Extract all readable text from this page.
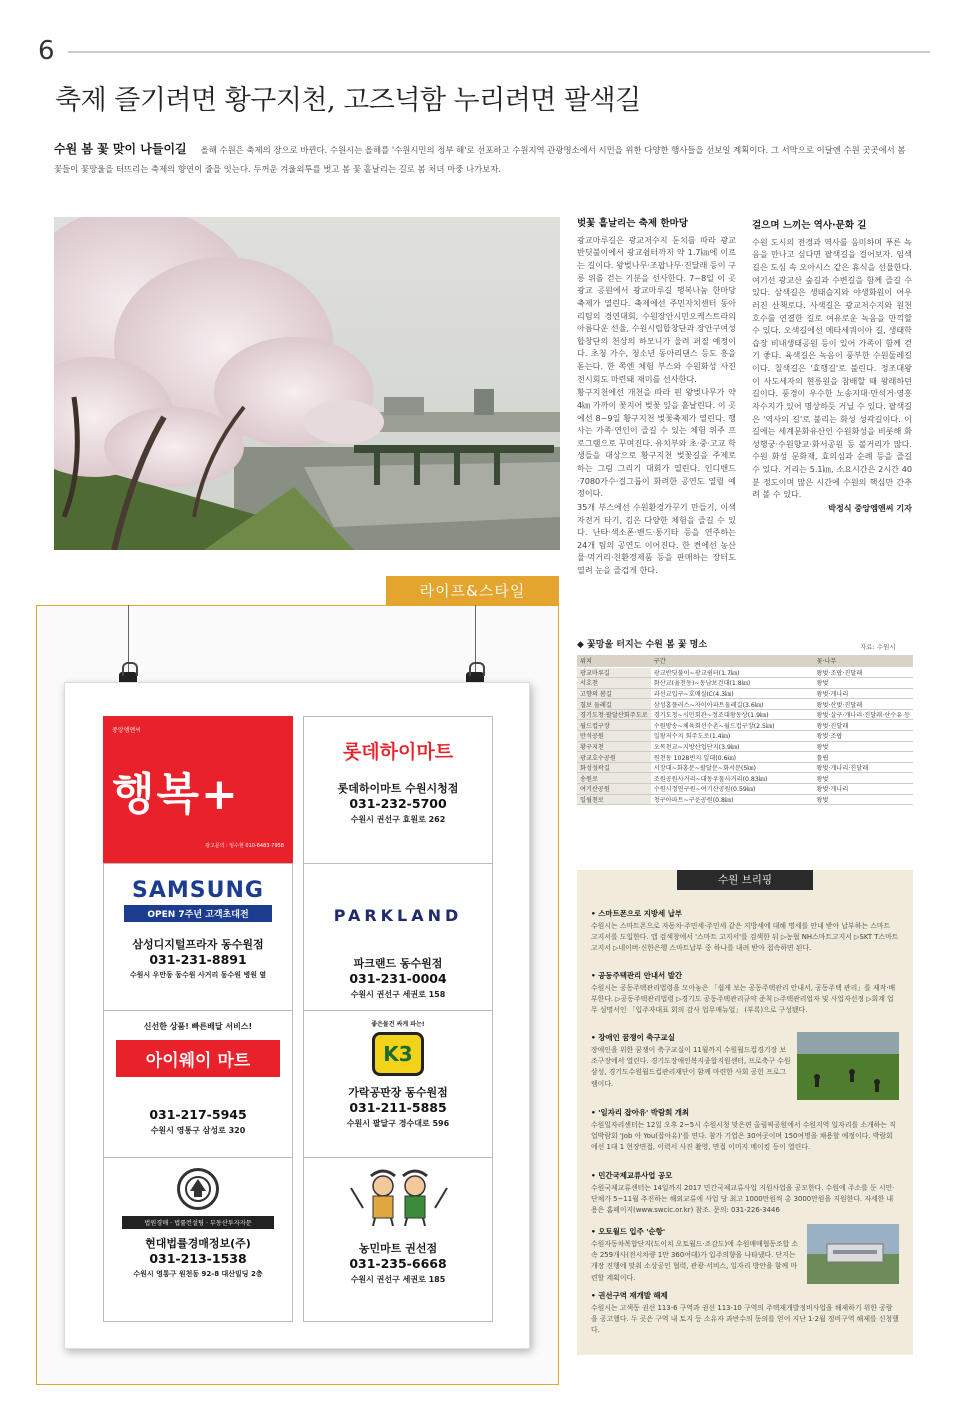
6
축제 즐기려면 황구지천, 고즈넉함 누리려면 팔색길
수원 봄 꽃 맞이 나들이길 올해 수원은 축제의 장으로 바뀐다. 수원시는 올해를 '수원시민의 정부 해'로 선포하고 수원지역 관광명소에서 시민을 위한 다양한 행사들을 선보일 계획이다. 그 서막으로 이달엔 수원 곳곳에서 봄 꽃들이 꽃망울을 터뜨리는 축제의 향연이 줄을 잇는다. 두꺼운 겨울외투를 벗고 봄 꽃 흩날리는 길로 봄 처녀 마중 나가보자.
벚꽃 흩날리는 축제 한마당

광교마루길은 광교저수지 둔치를 따라 광교 반딧불이에서 광교쉼터까지 약 1.7㎞에 이르는 길이다. 왕벚나무·조팝나무·진달래 등이 구릉 위를 걷는 기분을 선사한다. 7~8일 이 곳 광교 공원에서 광교마루길 행복나눔 한마당 축제가 열린다. 축제에선 주민자치센터 동아리팀의 경연대회, 수원장안시민오케스트라의 아름다운 선율, 수원시립합창단과 장안구여성합창단의 천상의 하모니가 울려 퍼질 예정이다. 초청 가수, 청소년 동아리댄스 등도 흥을 돋는다. 한 쪽엔 체험 부스와 수원화성 사진 전시회도 마련돼 재미를 선사한다.

황구지천에선 개천을 따라 핀 왕벚나무가 약 4㎞ 가까이 꽃지어 벚꽃 잎을 흩날린다. 이 곳에선 8~9일 황구지천 벚꽃축제가 열린다. 행사는 가족·연인이 즐길 수 있는 체험 위주 프로그램으로 꾸며진다. 유치부와 초·중·고교 학생들을 대상으로 황구지천 벚꽃길을 주제로 하는 그림 그리기 대회가 열린다. 인디밴드·7080가수·걸그룹이 화려한 공연도 열릴 예정이다.

35개 부스에선 수원환경가꾸기 만들기, 이색자전거 타기, 김은 다양한 체험을 즐길 수 있다. 난타·색소폰·밴드·통기타 등을 연주하는 24개 팀의 공연도 이어진다. 한 켠에선 농산물·먹거리·친환경제품 등을 판매하는 장터도 열려 눈을 즐겁게 한다.

걸으며 느끼는 역사·문화 길

수원 도시의 전경과 역사를 음미하며 푸른 녹음을 만나고 싶다면 팔색길을 걸어보자. 임색길은 도심 속 오아시스 같은 휴식을 선물한다. 여기선 광교산 숲길과 수변길을 함께 즐길 수 있다. 삼색길은 생태습지와 야생화원이 어우러진 산책로다. 사색길은 광교저수지와 원천호수를 연결한 길로 여유로운 녹음을 만끽할 수 있다. 오색길에선 메타세쿼이아 길, 생태학습장 비내생태공원 등이 있어 가족이 함께 걷기 좋다. 육색길은 녹음이 풍부한 수원둘레길이다. 칠색길은 '효행길'로 불린다. 정조대왕이 사도세자의 현릉원을 참배할 때 왕래하던 길이다. 풍경이 우수한 노송지대·만석거·영흥자수지가 있어 명상하듯 거닐 수 있다. 팔색길은 '역사의 길'로 불리는 화성 성곽길이다. 이 길에는 세계문화유산인 수원화성을 비롯해 화성행궁·수원향교·화서공원 등 볼거리가 많다. 수원 화성 문화재, 효의심과 순례 등을 즐길 수 있다. 거리는 5.1㎞, 소요시간은 2시간 40분 정도이며 많은 시간에 수원의 핵심만 간추려 볼 수 있다.

박정식 중앙엠앤씨 기자

라이프&스타일
중앙엠앤씨
행복+
광고문의 : 임수현 010-6483-7958
롯데하이마트
롯데하이마트 수원시청점
031-232-5700
수원시 권선구 효원로 262
SAMSUNG
OPEN 7주년 고객초대전
삼성디지털프라자 동수원점
031-231-8891
수원시 우만동 동수원 사거리 동수원 병원 옆
PARKLAND
파크랜드 동수원점
031-231-0004
수원시 권선구 세권로 158
신선한 상품! 빠른배달 서비스!
아이웨이 마트
031-217-5945
수원시 영통구 삼성로 320
좋은물건 싸게 파는!
K3
가락공판장 동수원점
031-211-5885
수원시 팔달구 경수대로 596
법원경매 · 법률컨설팅 · 부동산투자자문
현대법률경매정보(주)
031-213-1538
수원시 영통구 원천동 92-8 대산빌딩 2층
농민마트 권선점
031-235-6668
수원시 권선구 세권로 185
◆ 꽃망울 터지는 수원 봄 꽃 명소	자료: 수원시
위치	구간	꽃·나무
광교마루길	광교반딧불이~광교쉼터(1.7㎞)	왕벚·조팝·진달래
서호천	화산교(율천동)~동남보건대(1.8㎞)	왕벚
고향의 봄길	과선교입구~호매실IC(4.3㎞)	왕벚·개나리
칠보 둘레길	삼성홈플러스~자이아파트둘레길(3.6㎞)	왕벚·산벚·진달래
경기도청·팔달산회주도로	경기도청~시민회관~정조대왕동상(1.9㎞)	왕벚·살구·개나리·진달래·산수유 등
월드컵구장	수원방송~체육회선수촌~월드컵구장(2.5㎞)	왕벚·진달래
만석공원	일왕저수지 회주도로(1.4㎞)	왕벚·조팝
황구지천	오목천교~지방산업단지(3.9㎞)	왕벚
광교호수공원	원천동 1028번지 일대(0.6㎞)	튤립
화성성곽길	서장대~화홍문~팔달문~화서문(5㎞)	왕벚·개나리·진달래
송원로	조원공원사거리~대동우물사거리(0.83㎞)	왕벚
여기산공원	수원시정연구원~여기산공원(0.59㎞)	왕벚·개나리
일월천로	청구아파트~구운공원(0.8㎞)	왕벚
수원 브리핑
• 스마트폰으로 지방세 납부
수원시는 스마트폰으로 자동차·주민세·주민세 같은 지방세에 대해 명세를 안내 받아 납부하는 스마트 고지서를 도입한다. 앱 검색창에서 '스마트 고지서'를 검색한 뒤 ▷농협 NH스마트고지서 ▷SKT T스마트고지서 ▷네이버·신한은행 스마트납부 중 하나를 내려 받아 접속하면 된다.
• 공동주택관리 안내서 발간
수원시는 공동주택관리법령을 모아놓은 「쉽게 보는 공동주택관리 안내서, 공동주택 관리」를 제작·배부한다. ▷공동주택관리법령 ▷경기도 공동주택관리규약 준칙 ▷주택관리업자 및 사업자선정 ▷회계 업무 설명서인 「입주자대표 회의 감사 업무매뉴얼」 (부록)으로 구성됐다.
• 장애인 꿈쟁이 축구교실
장애인을 위한 꿈쟁이 축구교실이 11월까지 수원월드컵경기장 보조구장에서 열린다. 경기도장애인복지종합지원센터, 프로축구 수원 삼성, 경기도수원월드컵관리재단이 함께 마련한 사회 공헌 프로그램이다.
• '일자리 잡아유' 박람회 개최
수원일자리센터는 12일 오후 2~5시 수원시청 맞은편 올림픽공원에서 수원지역 일자리를 소개하는 직업박람회 'Job 아 You(잡아유)'를 연다. 참가 기업은 30여곳이며 150여명을 채용할 예정이다. 박람회에선 1대 1 현장면접, 이력서 사진 촬영, 면접 이미지 메이킹 등이 열린다.
• 민간국제교류사업 공모
수원국제교류센터는 14일까지 2017 민간국제교류사업 지원사업을 공모한다. 수원에 주소를 둔 시민·단체가 5~11월 추진하는 해외교류에 사업 당 최고 1000만원씩 총 3000만원을 지원한다. 자세한 내용은 홈페이지(www.swcic.or.kr) 참조. 문의: 031-226-3446
• 오토월드 입주 '순항'
수원자동차복합단지(도이치 오토월드·조감도)에 수원매매협동조합 소속 259개사(전시차량 1만 360여대)가 입주의향을 나타냈다. 단지는 개장 진행에 맞춰 소상공인 협력, 관광·서비스, 일자리 방안을 함께 마련할 계획이다.
• 권선구역 재개발 해제
수원시는 고색동 권선 113-6 구역과 권선 113-10 구역의 주택재개발정비사업을 해제하기 위한 공람을 공고했다. 두 곳은 구역 내 토지 등 소유자 과반수의 동의를 얻어 지난 1·2월 정비구역 해제를 신청했다.
